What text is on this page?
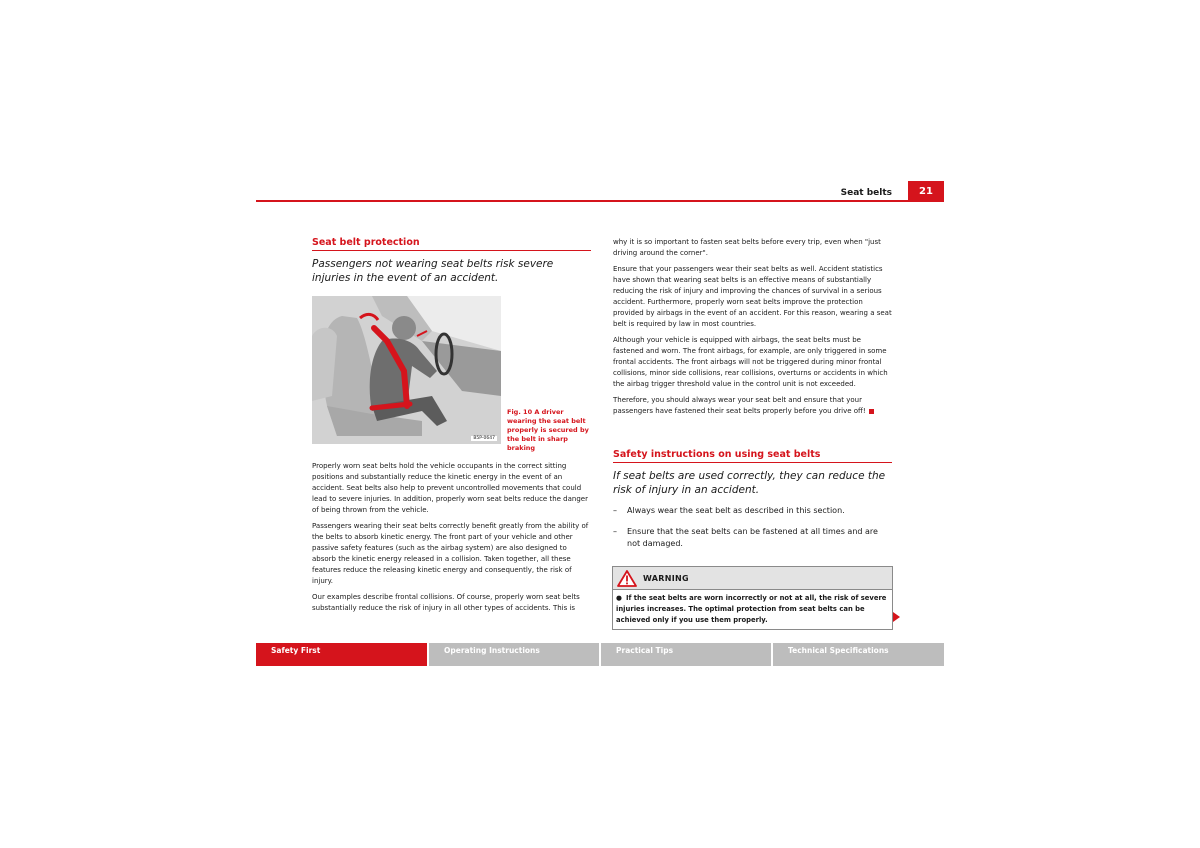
Seat belts	21
Seat belt protection
Passengers not wearing seat belts risk severe injuries in the event of an accident.
B5P-0647
Fig. 10 A driver wearing the seat belt properly is secured by the belt in sharp braking

Properly worn seat belts hold the vehicle occupants in the correct sitting positions and substantially reduce the kinetic energy in the event of an accident. Seat belts also help to prevent uncontrolled movements that could lead to severe injuries. In addition, properly worn seat belts reduce the danger of being thrown from the vehicle.

Passengers wearing their seat belts correctly benefit greatly from the ability of the belts to absorb kinetic energy. The front part of your vehicle and other passive safety features (such as the airbag system) are also designed to absorb the kinetic energy released in a collision. Taken together, all these features reduce the releasing kinetic energy and consequently, the risk of injury.

Our examples describe frontal collisions. Of course, properly worn seat belts substantially reduce the risk of injury in all other types of accidents. This is

why it is so important to fasten seat belts before every trip, even when "just driving around the corner".

Ensure that your passengers wear their seat belts as well. Accident statistics have shown that wearing seat belts is an effective means of substantially reducing the risk of injury and improving the chances of survival in a serious accident. Furthermore, properly worn seat belts improve the protection provided by airbags in the event of an accident. For this reason, wearing a seat belt is required by law in most countries.

Although your vehicle is equipped with airbags, the seat belts must be fastened and worn. The front airbags, for example, are only triggered in some frontal accidents. The front airbags will not be triggered during minor frontal collisions, minor side collisions, rear collisions, overturns or accidents in which the airbag trigger threshold value in the control unit is not exceeded.

Therefore, you should always wear your seat belt and ensure that your passengers have fastened their seat belts properly before you drive off!

Safety instructions on using seat belts
If seat belts are used correctly, they can reduce the risk of injury in an accident.
–	Always wear the seat belt as described in this section.
–	Ensure that the seat belts can be fastened at all times and are not damaged.
WARNING
● If the seat belts are worn incorrectly or not at all, the risk of severe injuries increases. The optimal protection from seat belts can be achieved only if you use them properly.
Safety First	Operating Instructions	Practical Tips	Technical Specifications
